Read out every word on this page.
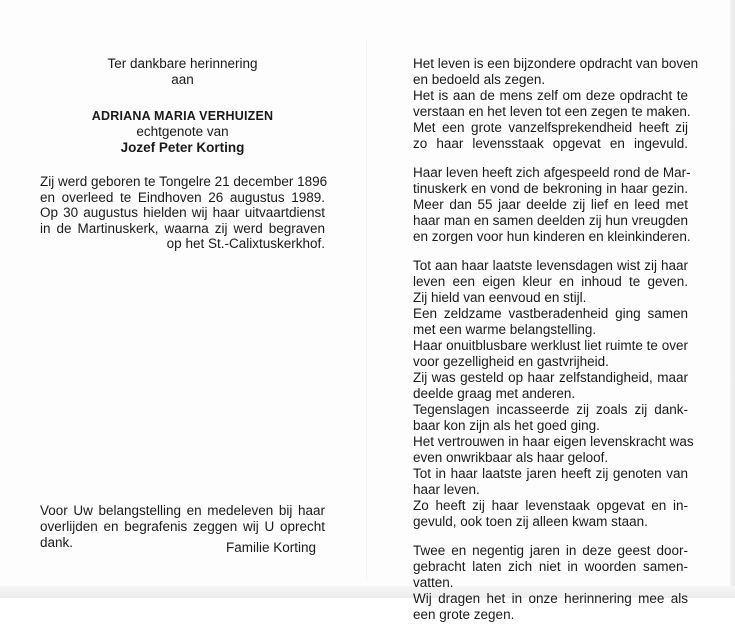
Ter dankbare herinnering
aan
ADRIANA MARIA VERHUIZEN
echtgenote van
Jozef Peter Korting
Zij werd geboren te Tongelre 21 december 1896
en overleed te Eindhoven 26 augustus 1989.
Op 30 augustus hielden wij haar uitvaartdienst
in de Martinuskerk, waarna zij werd begraven
op het St.-Calixtuskerkhof.
Voor Uw belangstelling en medeleven bij haar
overlijden en begrafenis zeggen wij U oprecht
dank.	Familie Korting
Het leven is een bijzondere opdracht van boven
en bedoeld als zegen.
Het is aan de mens zelf om deze opdracht te
verstaan en het leven tot een zegen te maken.
Met een grote vanzelfsprekendheid heeft zij
zo haar levensstaak opgevat en ingevuld.
Haar leven heeft zich afgespeeld rond de Mar-
tinuskerk en vond de bekroning in haar gezin.
Meer dan 55 jaar deelde zij lief en leed met
haar man en samen deelden zij hun vreugden
en zorgen voor hun kinderen en kleinkinderen.
Tot aan haar laatste levensdagen wist zij haar
leven een eigen kleur en inhoud te geven.
Zij hield van eenvoud en stijl.
Een zeldzame vastberadenheid ging samen
met een warme belangstelling.
Haar onuitblusbare werklust liet ruimte te over
voor gezelligheid en gastvrijheid.
Zij was gesteld op haar zelfstandigheid, maar
deelde graag met anderen.
Tegenslagen incasseerde zij zoals zij dank-
baar kon zijn als het goed ging.
Het vertrouwen in haar eigen levenskracht was
even onwrikbaar als haar geloof.
Tot in haar laatste jaren heeft zij genoten van
haar leven.
Zo heeft zij haar levenstaak opgevat en in-
gevuld, ook toen zij alleen kwam staan.
Twee en negentig jaren in deze geest door-
gebracht laten zich niet in woorden samen-
vatten.
Wij dragen het in onze herinnering mee als
een grote zegen.
